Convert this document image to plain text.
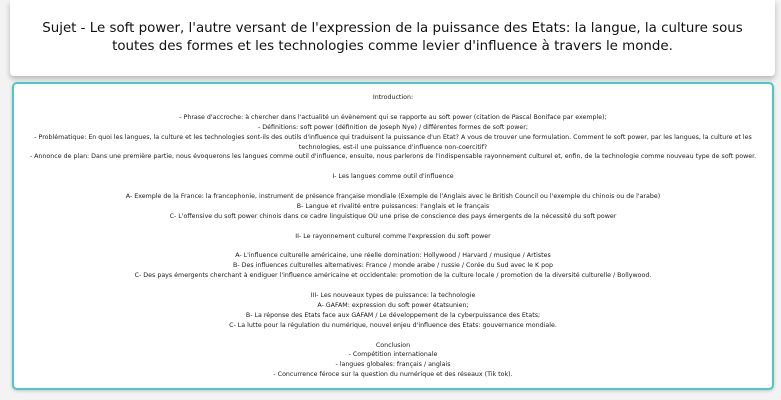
Sujet - Le soft power, l'autre versant de l'expression de la puissance des Etats: la langue, la culture sous toutes des formes et les technologies comme levier d'influence à travers le monde.
Introduction:
- Phrase d'accroche: à chercher dans l'actualité un évènement qui se rapporte au soft power (citation de Pascal Boniface par exemple);
- Définitions: soft power (définition de Joseph Nye) / différentes formes de soft power;
- Problématique: En quoi les langues, la culture et les technologies sont-ils des outils d'influence qui traduisent la puissance d'un Etat? A vous de trouver une formulation. Comment le soft power, par les langues, la culture et les technologies, est-il une puissance d'influence non-coercitif?
- Annonce de plan: Dans une première partie, nous évoquerons les langues comme outil d'influence, ensuite, nous parlerons de l'indispensable rayonnement culturel et, enfin, de la technologie comme nouveau type de soft power.
I- Les langues comme outil d'influence
A- Exemple de la France: la francophonie, instrument de présence française mondiale (Exemple de l'Anglais avec le British Council ou l'exemple du chinois ou de l'arabe)
B- Langue et rivalité entre puissances: l'anglais et le français
C- L'offensive du soft power chinois dans ce cadre linguistique OU une prise de conscience des pays émergents de la nécessité du soft power
II- Le rayonnement culturel comme l'expression du soft power
A- L'influence culturelle américaine, une réelle domination: Hollywood / Harvard / musique / Artistes
B- Des influences culturelles alternatives: France / monde arabe / russie / Corée du Sud avec le K pop
C- Des pays émergents cherchant à endiguer l'influence américaine et occidentale: promotion de la culture locale / promotion de la diversité culturelle / Bollywood.
III- Les nouveaux types de puissance: la technologie
A- GAFAM: expression du soft power étatsunien;
B- La réponse des Etats face aux GAFAM / Le développement de la cyberpuissance des Etats;
C- La lutte pour la régulation du numérique, nouvel enjeu d'influence des Etats: gouvernance mondiale.
Conclusion
- Compétition internationale
- langues globales: français / anglais
- Concurrence féroce sur la question du numérique et des réseaux (Tik tok).
